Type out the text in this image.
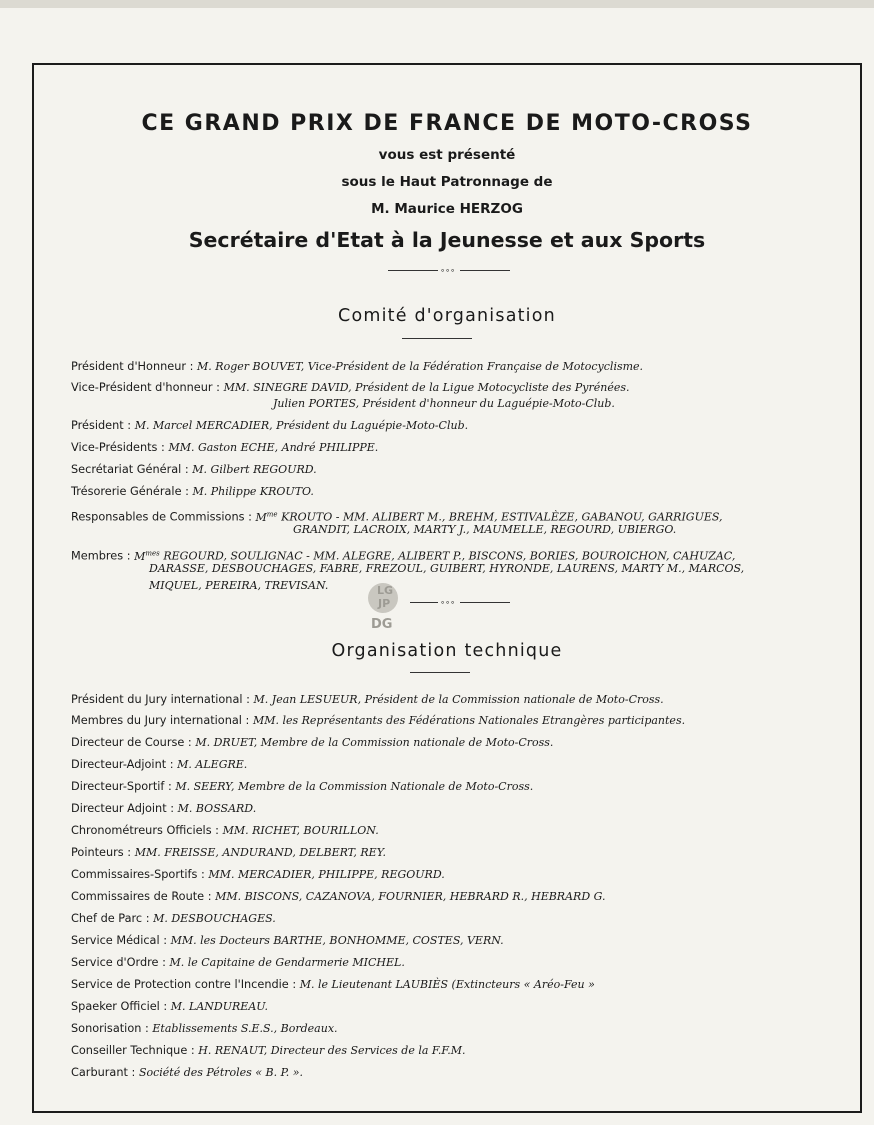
CE GRAND PRIX DE FRANCE DE MOTO-CROSS
vous est présenté
sous le Haut Patronnage de
M. Maurice HERZOG
Secrétaire d'Etat à la Jeunesse et aux Sports
∘∘∘
Comité d'organisation
Président d'Honneur : M. Roger BOUVET, Vice-Président de la Fédération Française de Motocyclisme.
Vice-Président d'honneur : MM. SINEGRE DAVID, Président de la Ligue Motocycliste des Pyrénées.
Julien PORTES, Président d'honneur du Laguépie-Moto-Club.
Président : M. Marcel MERCADIER, Président du Laguépie-Moto-Club.
Vice-Présidents : MM. Gaston ECHE, André PHILIPPE.
Secrétariat Général : M. Gilbert REGOURD.
Trésorerie Générale : M. Philippe KROUTO.
Responsables de Commissions : $M^{me}$ KROUTO - MM. ALIBERT M., BREHM, ESTIVALÈZE, GABANOU, GARRIGUES,
GRANDIT, LACROIX, MARTY J., MAUMELLE, REGOURD, UBIERGO.
Membres : $M^{mes}$ REGOURD, SOULIGNAC - MM. ALEGRE, ALIBERT P., BISCONS, BORIES, BOUROICHON, CAHUZAC,
DARASSE, DESBOUCHAGES, FABRE, FREZOUL, GUIBERT, HYRONDE, LAURENS, MARTY M., MARCOS,
MIQUEL, PEREIRA, TREVISAN.	LG
JP
DG
∘∘∘
Organisation technique
Président du Jury international : M. Jean LESUEUR, Président de la Commission nationale de Moto-Cross.
Membres du Jury international : MM. les Représentants des Fédérations Nationales Etrangères participantes.
Directeur de Course : M. DRUET, Membre de la Commission nationale de Moto-Cross.
Directeur-Adjoint : M. ALEGRE.
Directeur-Sportif : M. SEERY, Membre de la Commission Nationale de Moto-Cross.
Directeur Adjoint : M. BOSSARD.
Chronométreurs Officiels : MM. RICHET, BOURILLON.
Pointeurs : MM. FREISSE, ANDURAND, DELBERT, REY.
Commissaires-Sportifs : MM. MERCADIER, PHILIPPE, REGOURD.
Commissaires de Route : MM. BISCONS, CAZANOVA, FOURNIER, HEBRARD R., HEBRARD G.
Chef de Parc : M. DESBOUCHAGES.
Service Médical : MM. les Docteurs BARTHE, BONHOMME, COSTES, VERN.
Service d'Ordre : M. le Capitaine de Gendarmerie MICHEL.
Service de Protection contre l'Incendie : M. le Lieutenant LAUBIÈS (Extincteurs « Aréo-Feu »
Spaeker Officiel : M. LANDUREAU.
Sonorisation : Etablissements S.E.S., Bordeaux.
Conseiller Technique : H. RENAUT, Directeur des Services de la F.F.M.
Carburant : Société des Pétroles « B. P. ».
